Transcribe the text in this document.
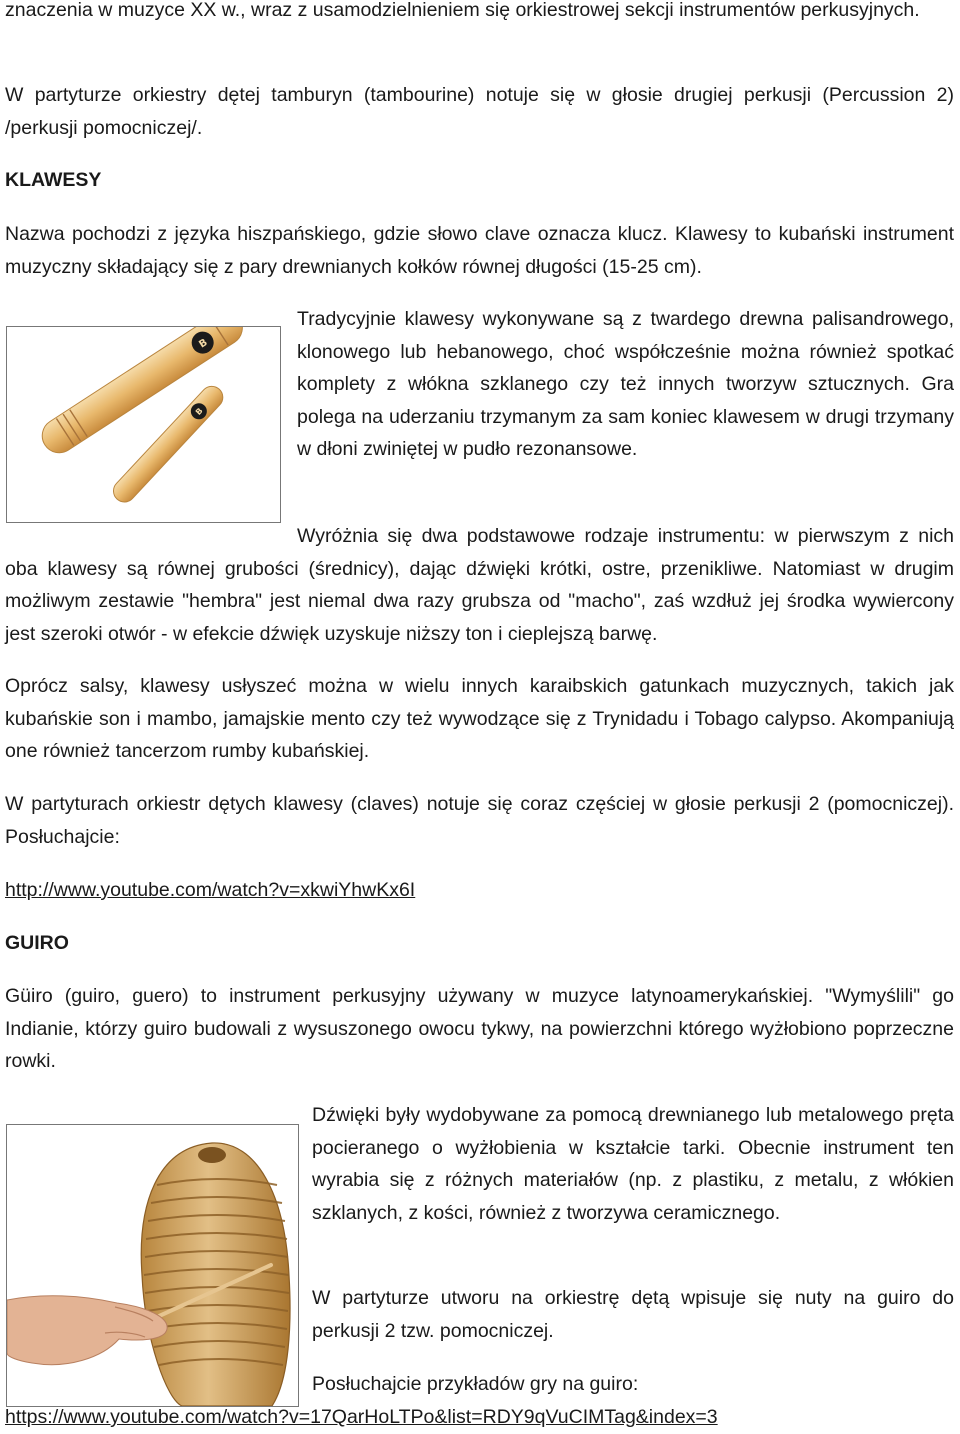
znaczenia w muzyce XX w., wraz z usamodzielnieniem się orkiestrowej sekcji instrumentów perkusyjnych.

W partyturze orkiestry dętej tamburyn (tambourine) notuje się w głosie drugiej perkusji (Percussion 2) /perkusji pomocniczej/.

KLAWESY

Nazwa pochodzi z języka hiszpańskiego, gdzie słowo clave oznacza klucz. Klawesy to kubański instrument muzyczny składający się z pary drewnianych kołków równej długości (15-25 cm).

B
B

Tradycyjnie klawesy wykonywane są z twardego drewna palisandrowego, klonowego lub hebanowego, choć współcześnie można również spotkać komplety z włókna szklanego czy też innych tworzyw sztucznych. Gra polega na uderzaniu trzymanym za sam koniec klawesem w drugi trzymany w dłoni zwiniętej w pudło rezonansowe.

Wyróżnia się dwa podstawowe rodzaje instrumentu: w pierwszym z nich oba klawesy są równej grubości (średnicy), dając dźwięki krótki, ostre, przenikliwe. Natomiast w drugim możliwym zestawie "hembra" jest niemal dwa razy grubsza od "macho", zaś wzdłuż jej środka wywiercony jest szeroki otwór - w efekcie dźwięk uzyskuje niższy ton i cieplejszą barwę.

Oprócz salsy, klawesy usłyszeć można w wielu innych karaibskich gatunkach muzycznych, takich jak kubańskie son i mambo, jamajskie mento czy też wywodzące się z Trynidadu i Tobago calypso. Akompaniują one również tancerzom rumby kubańskiej.

W partyturach orkiestr dętych klawesy (claves) notuje się coraz częściej w głosie perkusji 2 (pomocniczej). Posłuchajcie:

http://www.youtube.com/watch?v=xkwiYhwKx6I
GUIRO

Güiro (guiro, guero) to instrument perkusyjny używany w muzyce latynoamerykańskiej. "Wymyślili" go Indianie, którzy guiro budowali z wysuszonego owocu tykwy, na powierzchni którego wyżłobiono poprzeczne rowki.

Dźwięki były wydobywane za pomocą drewnianego lub metalowego pręta pocieranego o wyżłobienia w kształcie tarki. Obecnie instrument ten wyrabia się z różnych materiałów (np. z plastiku, z metalu, z włókien szklanych, z kości, również z tworzywa ceramicznego.

W partyturze utworu na orkiestrę dętą wpisuje się nuty na guiro do perkusji 2 tzw. pomocniczej.

Posłuchajcie przykładów gry na guiro:

https://www.youtube.com/watch?v=17QarHoLTPo&list=RDY9qVuCIMTag&index=3
